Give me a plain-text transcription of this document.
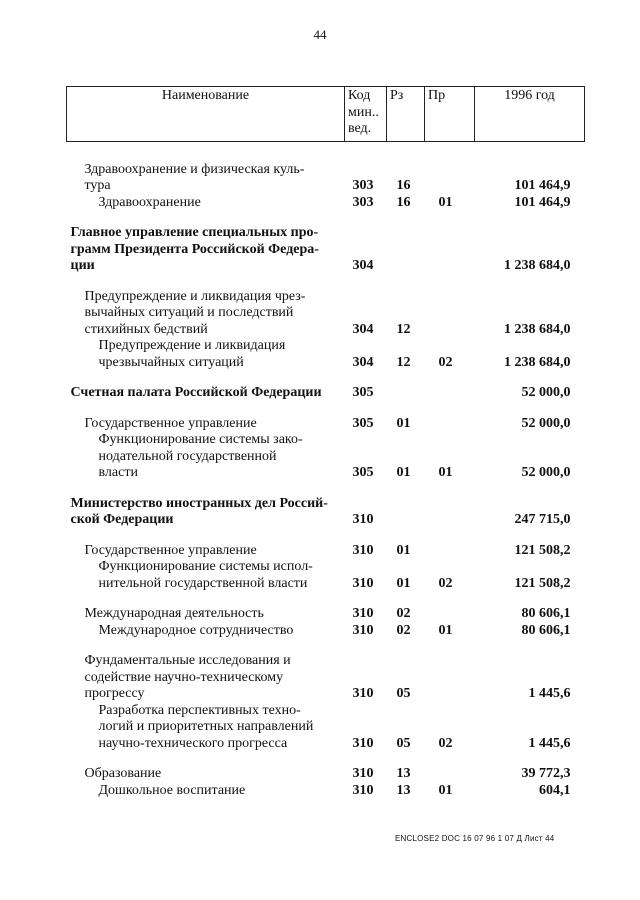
44
Наименование	Код мин.. вед.	Рз	Пр	1996 год
Здравоохранение и физическая куль-
тура	303	16		101 464,9
Здравоохранение	303	16	01	101 464,9
Главное управление специальных про-
грамм Президента Российской Федера-
ции	304			1 238 684,0
Предупреждение и ликвидация чрез-
вычайных ситуаций и последствий
стихийных бедствий	304	12		1 238 684,0
Предупреждение и ликвидация
чрезвычайных ситуаций	304	12	02	1 238 684,0
Счетная палата Российской Федерации	305			52 000,0
Государственное управление	305	01		52 000,0
Функционирование системы зако-
нодательной государственной
власти	305	01	01	52 000,0
Министерство иностранных дел Россий-
ской Федерации	310			247 715,0
Государственное управление	310	01		121 508,2
Функционирование системы испол-
нительной государственной власти	310	01	02	121 508,2
Международная деятельность	310	02		80 606,1
Международное сотрудничество	310	02	01	80 606,1
Фундаментальные исследования и
содействие научно-техническому
прогрессу	310	05		1 445,6
Разработка перспективных техно-
логий и приоритетных направлений
научно-технического прогресса	310	05	02	1 445,6
Образование	310	13		39 772,3
Дошкольное воспитание	310	13	01	604,1
ENCLOSE2 DOC 16 07 96 1 07 Д Лист 44
